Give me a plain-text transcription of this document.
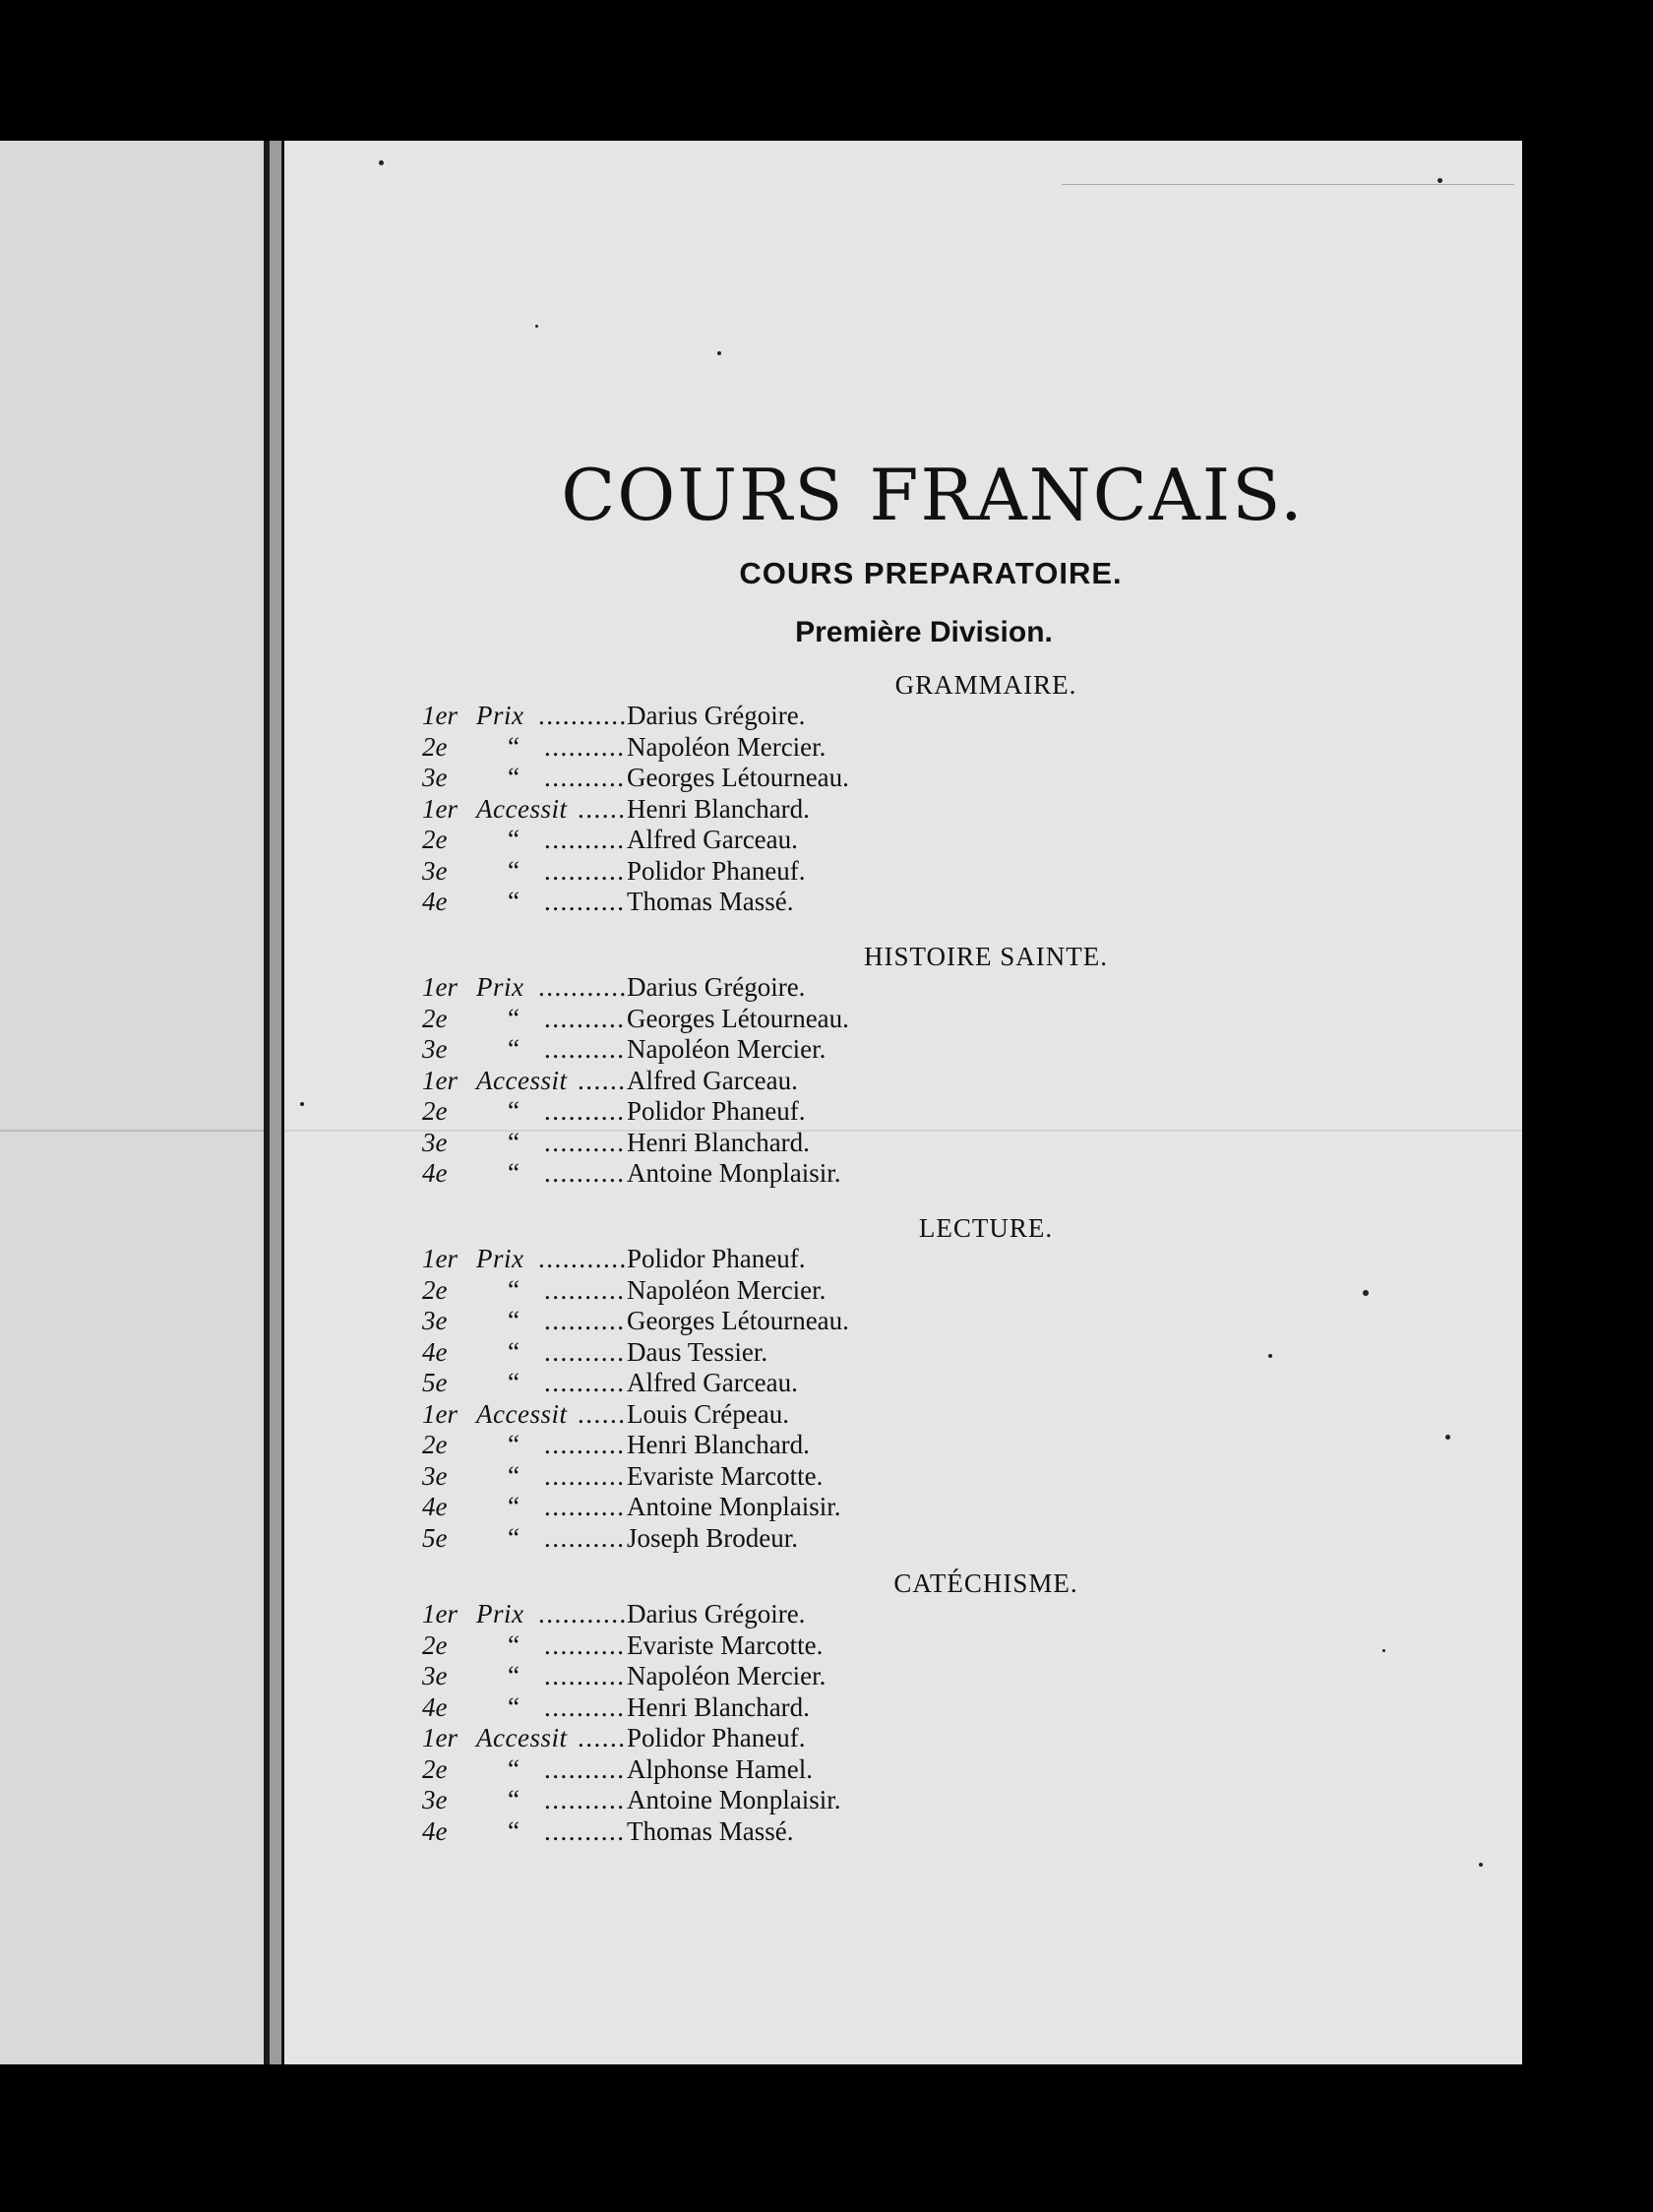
COURS FRANCAIS.
COURS PREPARATOIRE.
Première Division.
GRAMMAIRE.
1er Prix .....	Darius Grégoire.
2e “ .....	Napoléon Mercier.
3e “ .....	Georges Létourneau.
1er Accessit ..... Henri Blanchard.
2e “ .....	Alfred Garceau.
3e “ .....	Polidor Phaneuf.
4e “ .....	Thomas Massé.
HISTOIRE SAINTE.
1er Prix .....	Darius Grégoire.
2e “ .....	Georges Létourneau.
3e “ .....	Napoléon Mercier.
1er Accessit ..... Alfred Garceau.
2e “ .....	Polidor Phaneuf.
3e “ .....	Henri Blanchard.
4e “ .....	Antoine Monplaisir.
LECTURE.
1er Prix .....	Polidor Phaneuf.
2e “ .....	Napoléon Mercier.
3e “ .....	Georges Létourneau.
4e “ .....	Daus Tessier.
5e “ .....	Alfred Garceau.
1er Accessit ..... Louis Crépeau.
2e “ .....	Henri Blanchard.
3e “ .....	Evariste Marcotte.
4e “ .....	Antoine Monplaisir.
5e “ .....	Joseph Brodeur.
CATÉCHISME.
1er Prix .....	Darius Grégoire.
2e “ .....	Evariste Marcotte.
3e “ .....	Napoléon Mercier.
4e “ .....	Henri Blanchard.
1er Accessit ..... Polidor Phaneuf.
2e “ .....	Alphonse Hamel.
3e “ .....	Antoine Monplaisir.
4e “ .....	Thomas Massé.
